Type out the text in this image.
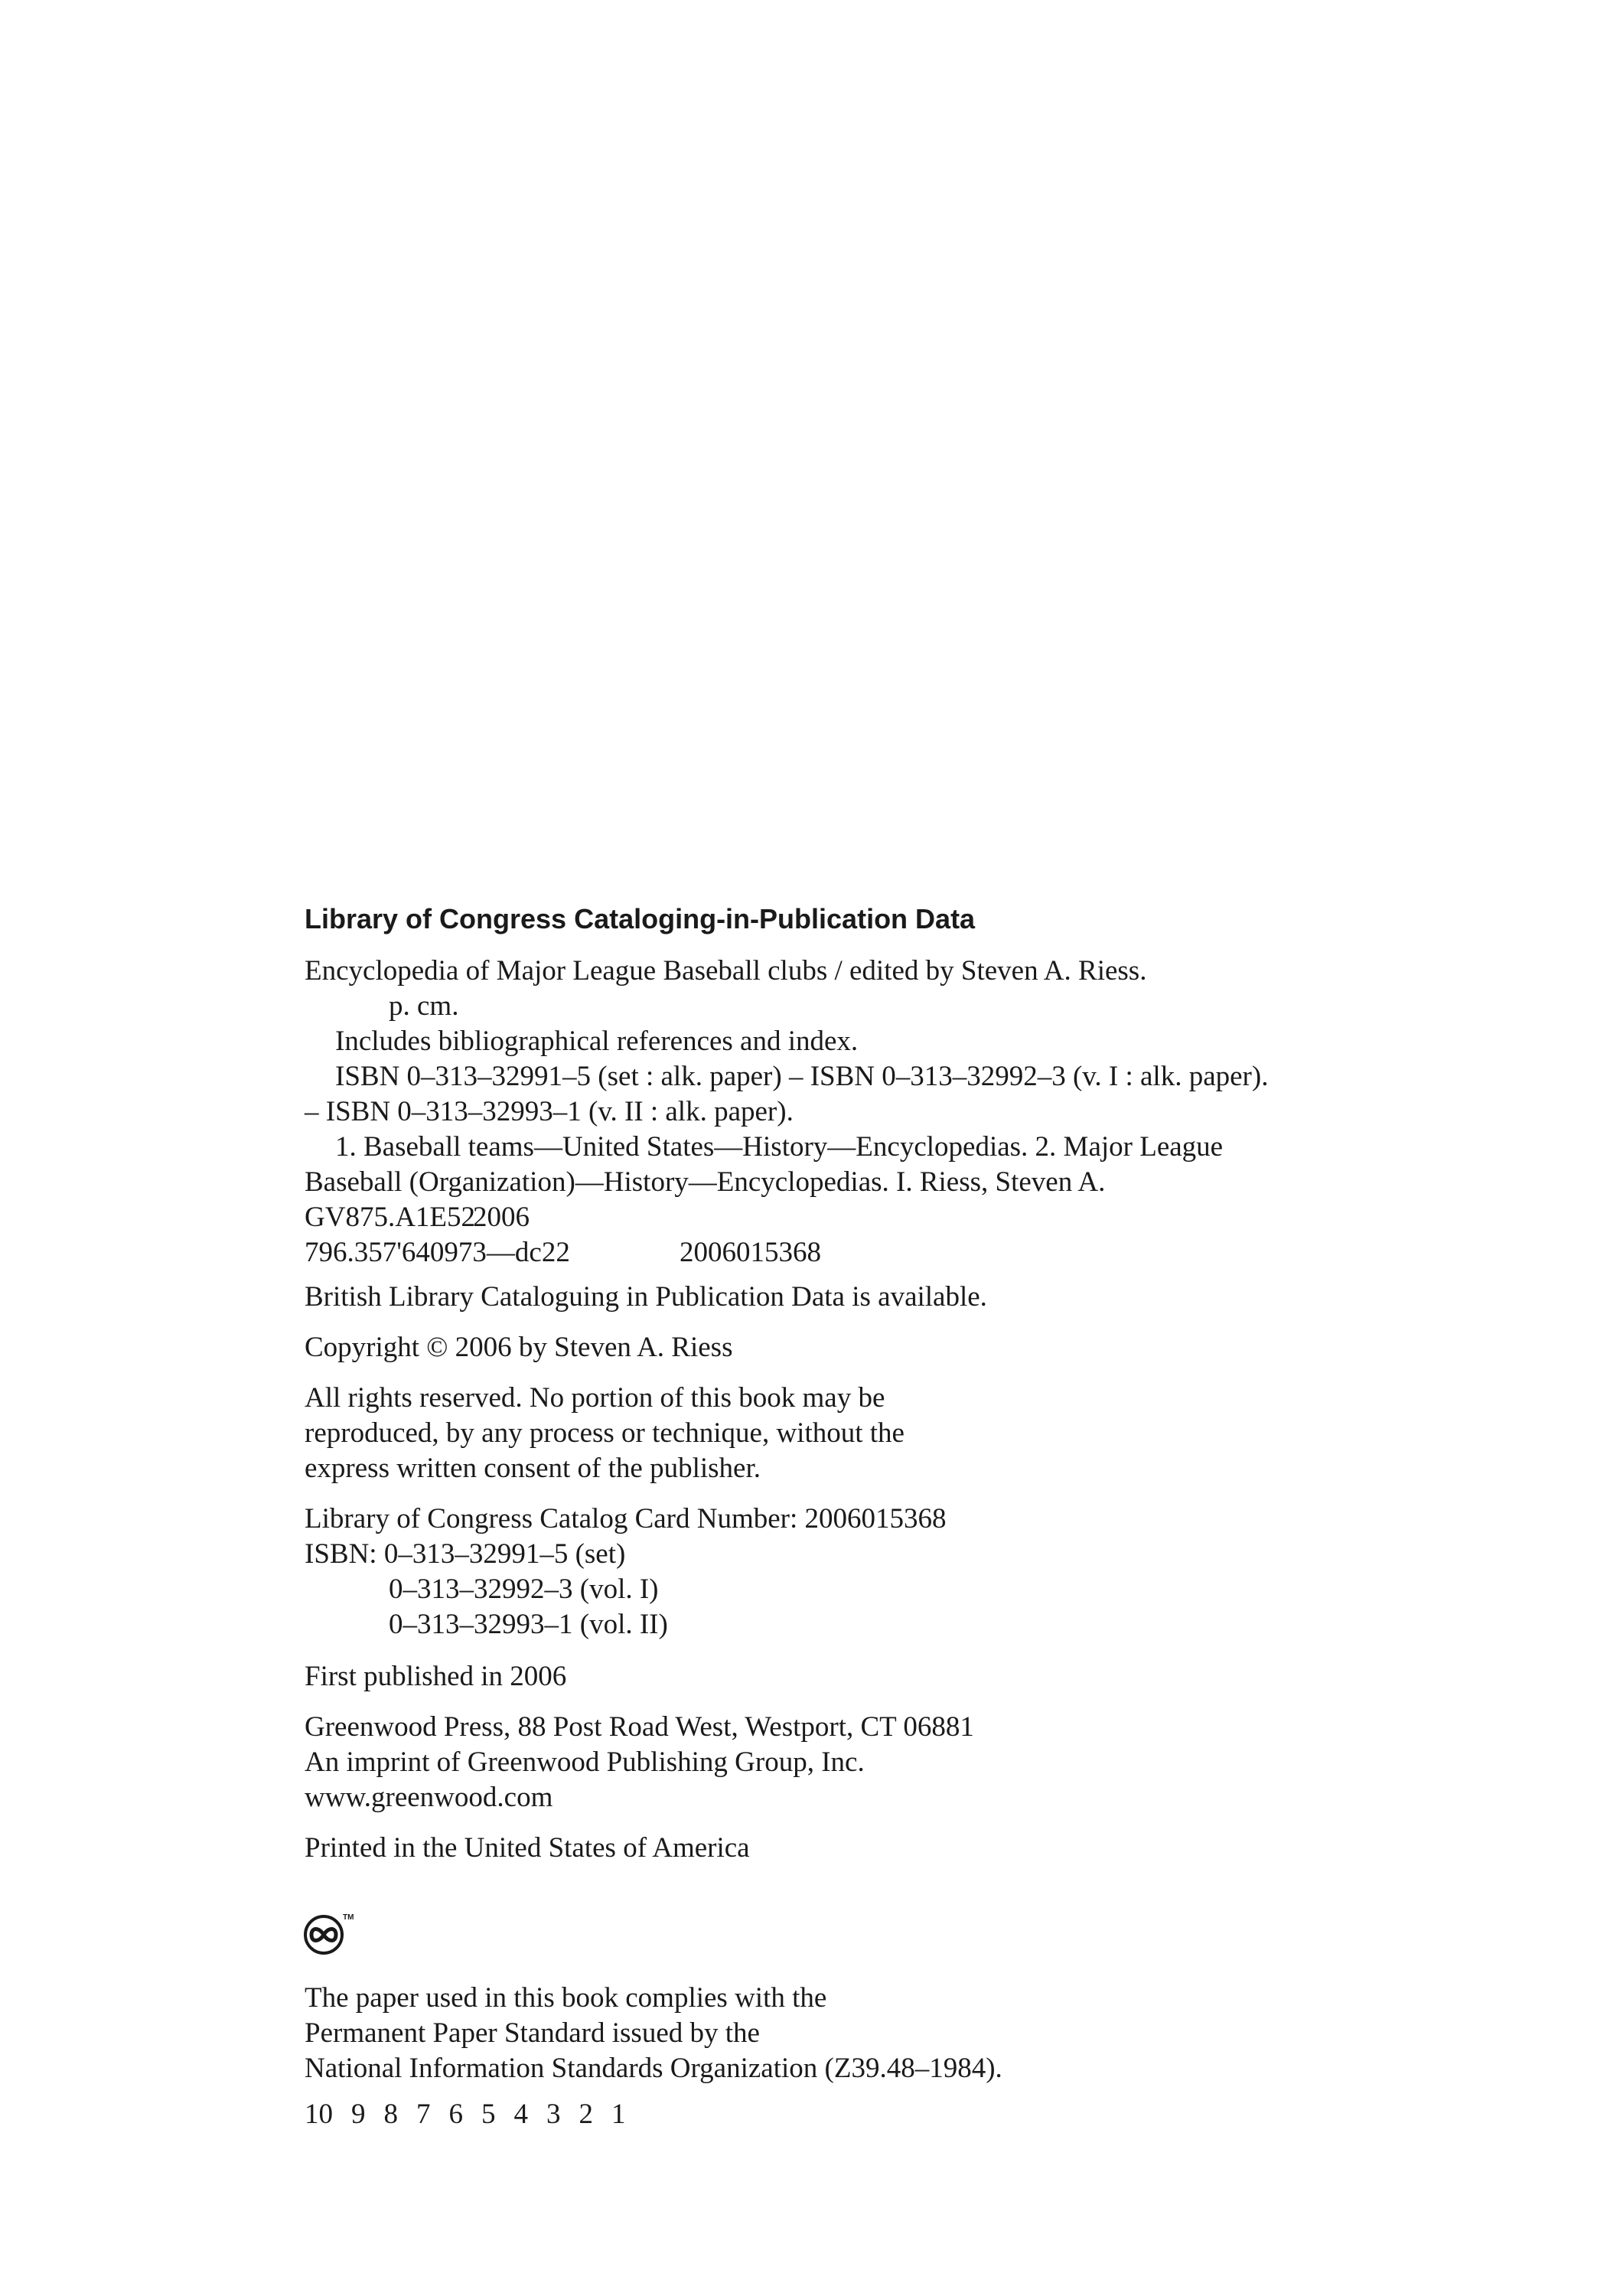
Library of Congress Cataloging-in-Publication Data
Encyclopedia of Major League Baseball clubs / edited by Steven A. Riess.
p. cm.
Includes bibliographical references and index.
ISBN 0–313–32991–5 (set : alk. paper) – ISBN 0–313–32992–3 (v. I : alk. paper).
– ISBN 0–313–32993–1 (v. II : alk. paper).
1. Baseball teams—United States—History—Encyclopedias. 2. Major League
Baseball (Organization)—History—Encyclopedias. I. Riess, Steven A.
GV875.A1E522006
796.357'640973—dc22	2006015368
British Library Cataloguing in Publication Data is available.
Copyright © 2006 by Steven A. Riess
All rights reserved. No portion of this book may be
reproduced, by any process or technique, without the
express written consent of the publisher.
Library of Congress Catalog Card Number: 2006015368
ISBN: 0–313–32991–5 (set)
0–313–32992–3 (vol. I)
0–313–32993–1 (vol. II)
First published in 2006
Greenwood Press, 88 Post Road West, Westport, CT 06881
An imprint of Greenwood Publishing Group, Inc.
www.greenwood.com
Printed in the United States of America
TM
The paper used in this book complies with the
Permanent Paper Standard issued by the
National Information Standards Organization (Z39.48–1984).
10 9 8 7 6 5 4 3 2 1
